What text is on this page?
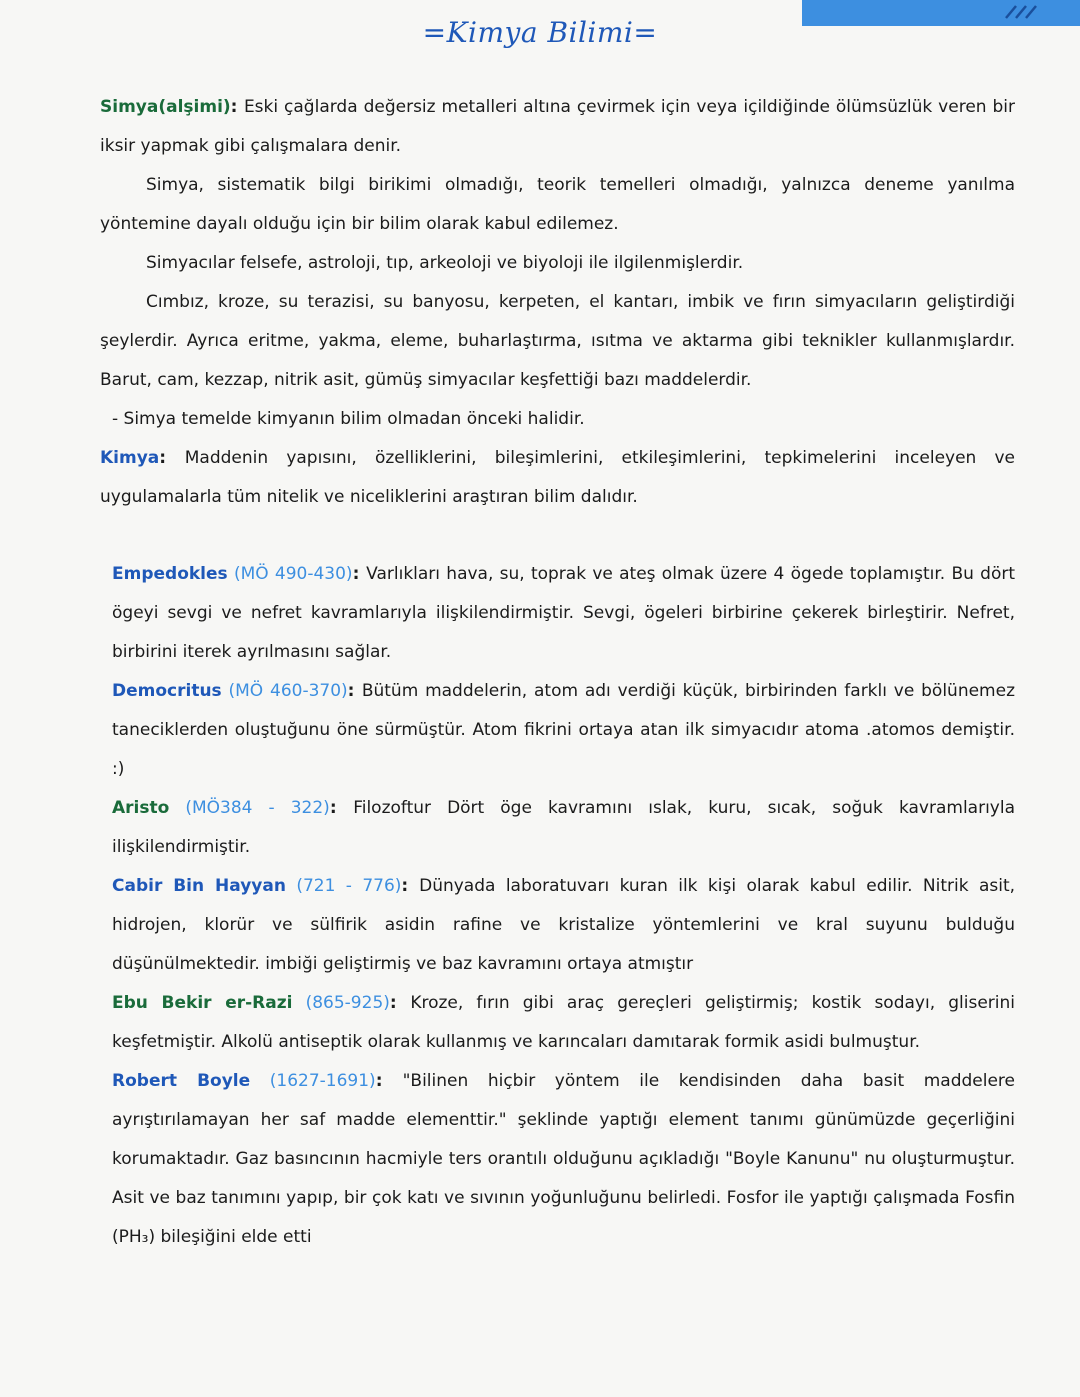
=Kimya Bilimi=

Simya(alşimi): Eski çağlarda değersiz metalleri altına çevirmek için veya içildiğinde ölümsüzlük veren bir iksir yapmak gibi çalışmalara denir.

Simya, sistematik bilgi birikimi olmadığı, teorik temelleri olmadığı, yalnızca deneme yanılma yöntemine dayalı olduğu için bir bilim olarak kabul edilemez.

Simyacılar felsefe, astroloji, tıp, arkeoloji ve biyoloji ile ilgilenmişlerdir.

Cımbız, kroze, su terazisi, su banyosu, kerpeten, el kantarı, imbik ve fırın simyacıların geliştirdiği şeylerdir. Ayrıca eritme, yakma, eleme, buharlaştırma, ısıtma ve aktarma gibi teknikler kullanmışlardır. Barut, cam, kezzap, nitrik asit, gümüş simyacılar keşfettiği bazı maddelerdir.

- Simya temelde kimyanın bilim olmadan önceki halidir.

Kimya: Maddenin yapısını, özelliklerini, bileşimlerini, etkileşimlerini, tepkimelerini inceleyen ve uygulamalarla tüm nitelik ve niceliklerini araştıran bilim dalıdır.

Empedokles (MÖ 490-430): Varlıkları hava, su, toprak ve ateş olmak üzere 4 ögede toplamıştır. Bu dört ögeyi sevgi ve nefret kavramlarıyla ilişkilendirmiştir. Sevgi, ögeleri birbirine çekerek birleştirir. Nefret, birbirini iterek ayrılmasını sağlar.

Democritus (MÖ 460-370): Bütüm maddelerin, atom adı verdiği küçük, birbirinden farklı ve bölünemez taneciklerden oluştuğunu öne sürmüştür. Atom fikrini ortaya atan ilk simyacıdır atoma .atomos demiştir. :)

Aristo (MÖ384 - 322): Filozoftur Dört öge kavramını ıslak, kuru, sıcak, soğuk kavramlarıyla ilişkilendirmiştir.

Cabir Bin Hayyan (721 - 776): Dünyada laboratuvarı kuran ilk kişi olarak kabul edilir. Nitrik asit, hidrojen, klorür ve sülfirik asidin rafine ve kristalize yöntemlerini ve kral suyunu bulduğu düşünülmektedir. imbiği geliştirmiş ve baz kavramını ortaya atmıştır

Ebu Bekir er-Razi (865-925): Kroze, fırın gibi araç gereçleri geliştirmiş; kostik sodayı, gliserini keşfetmiştir. Alkolü antiseptik olarak kullanmış ve karıncaları damıtarak formik asidi bulmuştur.

Robert Boyle (1627-1691): "Bilinen hiçbir yöntem ile kendisinden daha basit maddelere ayrıştırılamayan her saf madde elementtir." şeklinde yaptığı element tanımı günümüzde geçerliğini korumaktadır. Gaz basıncının hacmiyle ters orantılı olduğunu açıkladığı "Boyle Kanunu" nu oluşturmuştur. Asit ve baz tanımını yapıp, bir çok katı ve sıvının yoğunluğunu belirledi. Fosfor ile yaptığı çalışmada Fosfin (PH₃) bileşiğini elde etti
